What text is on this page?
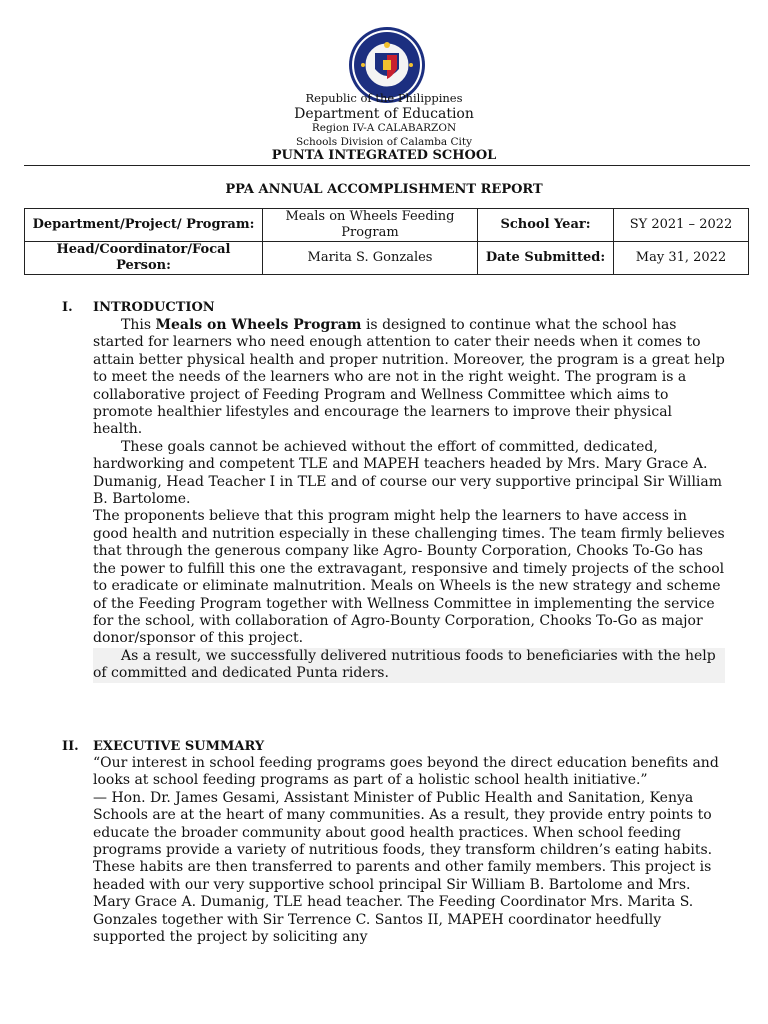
Republic of the Philippines
Department of Education
Region IV-A CALABARZON
Schools Division of Calamba City
PUNTA INTEGRATED SCHOOL
PPA ANNUAL ACCOMPLISHMENT REPORT
Department/Project/ Program:	Meals on Wheels Feeding Program	School Year:	SY 2021 – 2022
Head/Coordinator/Focal Person:	Marita S. Gonzales	Date Submitted:	May 31, 2022
I. INTRODUCTION

This Meals on Wheels Program is designed to continue what the school has started for learners who need enough attention to cater their needs when it comes to attain better physical health and proper nutrition. Moreover, the program is a great help to meet the needs of the learners who are not in the right weight. The program is a collaborative project of Feeding Program and Wellness Committee which aims to promote healthier lifestyles and encourage the learners to improve their physical health.

These goals cannot be achieved without the effort of committed, dedicated, hardworking and competent TLE and MAPEH teachers headed by Mrs. Mary Grace A. Dumanig, Head Teacher I in TLE and of course our very supportive principal Sir William B. Bartolome.

The proponents believe that this program might help the learners to have access in good health and nutrition especially in these challenging times. The team firmly believes that through the generous company like Agro- Bounty Corporation, Chooks To-Go has the power to fulfill this one the extravagant, responsive and timely projects of the school to eradicate or eliminate malnutrition. Meals on Wheels is the new strategy and scheme of the Feeding Program together with Wellness Committee in implementing the service for the school, with collaboration of Agro-Bounty Corporation, Chooks To-Go as major donor/sponsor of this project.

As a result, we successfully delivered nutritious foods to beneficiaries with the help of committed and dedicated Punta riders.

II. EXECUTIVE SUMMARY

“Our interest in school feeding programs goes beyond the direct education benefits and looks at school feeding programs as part of a holistic school health initiative.”

— Hon. Dr. James Gesami, Assistant Minister of Public Health and Sanitation, Kenya

Schools are at the heart of many communities. As a result, they provide entry points to educate the broader community about good health practices. When school feeding programs provide a variety of nutritious foods, they transform children’s eating habits. These habits are then transferred to parents and other family members. This project is headed with our very supportive school principal Sir William B. Bartolome and Mrs. Mary Grace A. Dumanig, TLE head teacher. The Feeding Coordinator Mrs. Marita S. Gonzales together with Sir Terrence C. Santos II, MAPEH coordinator heedfully supported the project by soliciting any
